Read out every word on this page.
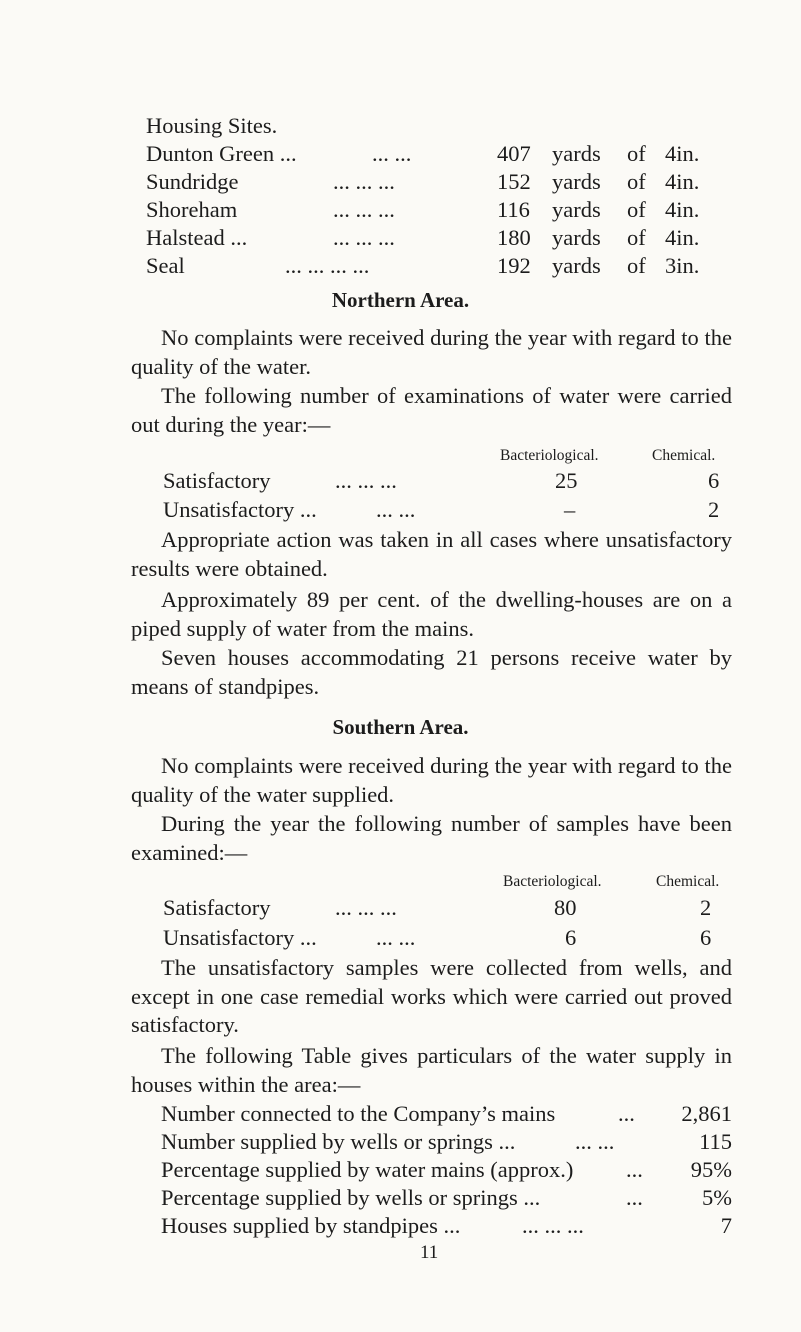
Housing Sites.
Dunton Green ...	... ...	407 yards of 4in.
Sundridge	... ... ...	152 yards of 4in.
Shoreham	... ... ...	116 yards of 4in.
Halstead ...	... ... ...	180 yards of 4in.
Seal	... ... ... ...	192 yards of 3in.
Northern Area.
No complaints were received during the year with regard to the quality of the water.
The following number of examinations of water were carried out during the year:—
Bacteriological.	Chemical.
Satisfactory	... ... ...	25	6
Unsatisfactory ...	... ...	–	2
Appropriate action was taken in all cases where unsatisfactory results were obtained.
Approximately 89 per cent. of the dwelling-houses are on a piped supply of water from the mains.
Seven houses accommodating 21 persons receive water by means of standpipes.
Southern Area.
No complaints were received during the year with regard to the quality of the water supplied.
During the year the following number of samples have been examined:—
Bacteriological.	Chemical.
Satisfactory	... ... ...	80	2
Unsatisfactory ...	... ...	6	6
The unsatisfactory samples were collected from wells, and except in one case remedial works which were carried out proved satisfactory.
The following Table gives particulars of the water supply in houses within the area:—
Number connected to the Company’s mains	...	2,861
Number supplied by wells or springs ...	... ...	115
Percentage supplied by water mains (approx.) ...	95%
Percentage supplied by wells or springs ...	...	5%
Houses supplied by standpipes ...	... ... ...	7
11
